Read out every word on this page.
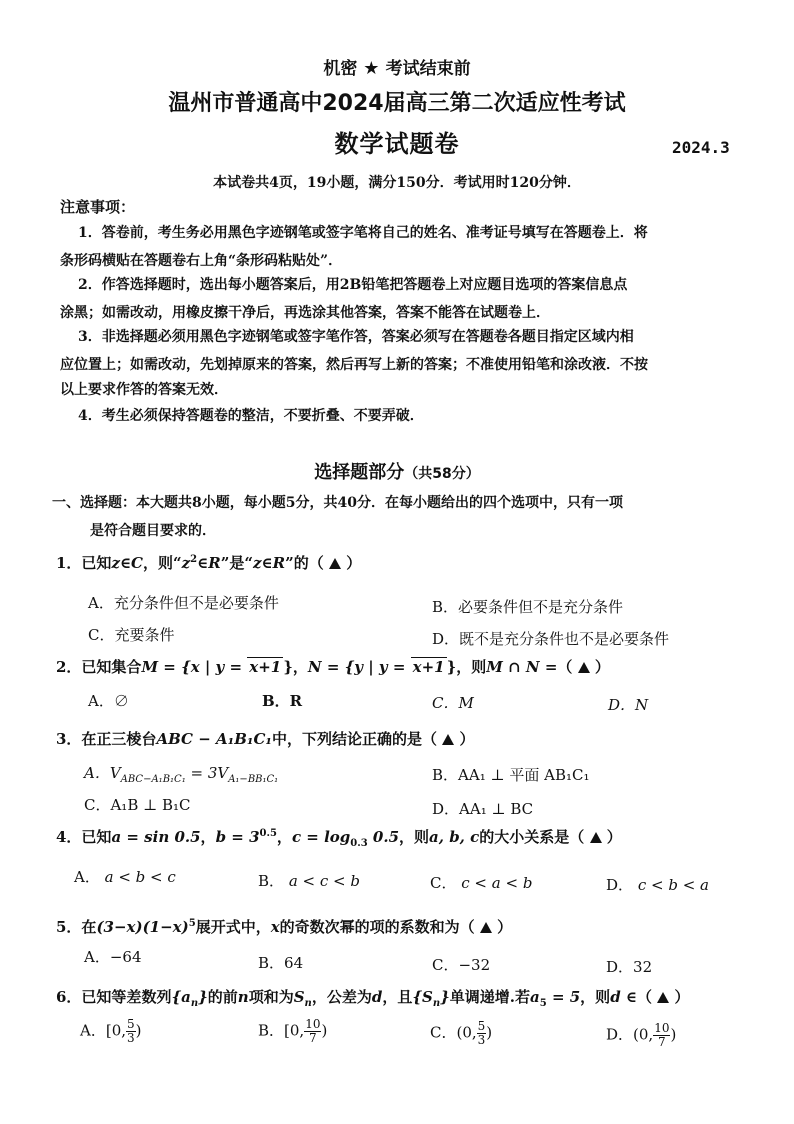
机密 ★ 考试结束前
温州市普通高中2024届高三第二次适应性考试
数学试题卷	2024.3
本试卷共4页，19小题，满分150分．考试用时120分钟．
注意事项：
1．答卷前，考生务必用黑色字迹钢笔或签字笔将自己的姓名、准考证号填写在答题卷上．将
条形码横贴在答题卷右上角“条形码粘贴处”．
2．作答选择题时，选出每小题答案后，用2B铅笔把答题卷上对应题目选项的答案信息点
涂黑；如需改动，用橡皮擦干净后，再选涂其他答案，答案不能答在试题卷上．
3．非选择题必须用黑色字迹钢笔或签字笔作答，答案必须写在答题卷各题目指定区域内相
应位置上；如需改动，先划掉原来的答案，然后再写上新的答案；不准使用铅笔和涂改液．不按
以上要求作答的答案无效．
4．考生必须保持答题卷的整洁，不要折叠、不要弄破．
选择题部分（共58分）
一、选择题：本大题共8小题，每小题5分，共40分．在每小题给出的四个选项中，只有一项
是符合题目要求的．
1．已知z∈C，则“$z^2\in R$”是“z∈R”的（ ）
A．充分条件但不是必要条件	B．必要条件但不是充分条件
C．充要条件	D．既不是充分条件也不是必要条件
2．已知集合M = {x | y = x+1 }，N = {y | y = x+1 }，则M ∩ N =（ ）
A．∅	B．R	C．M	D．N
3．在正三棱台ABC − A₁B₁C₁中，下列结论正确的是（ ）
A．$V_{ABC-A_1B_1C_1} = 3V_{A_1-BB_1C_1}$	B．AA₁ ⊥ 平面 AB₁C₁
C．A₁B ⊥ B₁C	D．AA₁ ⊥ BC
4．已知a = sin 0.5，$b = 3^{0.5}$，$c = \log_{0.3} 0.5$，则a, b, c的大小关系是（ ）
A． a < b < c	B． a < c < b	C． c < a < b	D． c < b < a
5．在$(3-x)(1-x)^5$展开式中，x的奇数次幂的项的系数和为（ ）
A．−64	B．64	C．−32	D．32
6．已知等差数列$\{a_n\}$的前n项和为$S_n$，公差为d，且$\{S_n\}$单调递增.若$a_5 = 5$，则d ∈（ ）
A．[0, $\frac{5}{3}$ )	B．[0, $\frac{10}{7}$ )	C．(0, $\frac{5}{3}$ )	D．(0, $\frac{10}{7}$ )
